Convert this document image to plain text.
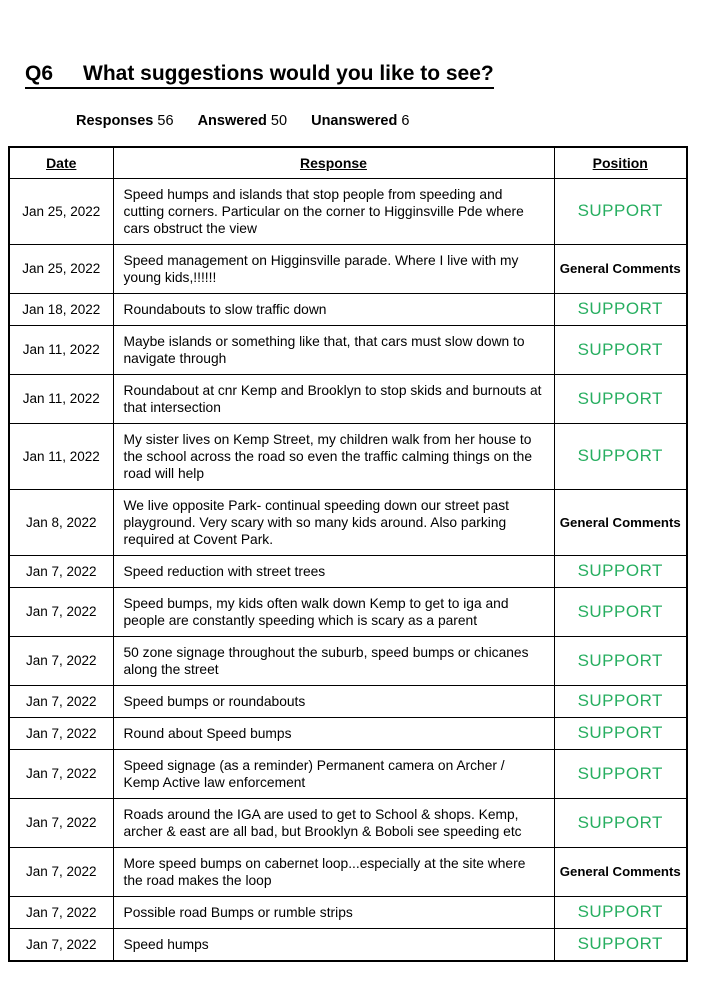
Q6 What suggestions would you like to see?
Responses 56 Answered 50 Unanswered 6
Date	Response	Position
Jan 25, 2022	Speed humps and islands that stop people from speeding and cutting corners. Particular on the corner to Higginsville Pde where cars obstruct the view	SUPPORT
Jan 25, 2022	Speed management on Higginsville parade. Where I live with my young kids,!!!!!!	General Comments
Jan 18, 2022	Roundabouts to slow traffic down	SUPPORT
Jan 11, 2022	Maybe islands or something like that, that cars must slow down to navigate through	SUPPORT
Jan 11, 2022	Roundabout at cnr Kemp and Brooklyn to stop skids and burnouts at that intersection	SUPPORT
Jan 11, 2022	My sister lives on Kemp Street, my children walk from her house to the school across the road so even the traffic calming things on the road will help	SUPPORT
Jan 8, 2022	We live opposite Park- continual speeding down our street past playground. Very scary with so many kids around. Also parking required at Covent Park.	General Comments
Jan 7, 2022	Speed reduction with street trees	SUPPORT
Jan 7, 2022	Speed bumps, my kids often walk down Kemp to get to iga and people are constantly speeding which is scary as a parent	SUPPORT
Jan 7, 2022	50 zone signage throughout the suburb, speed bumps or chicanes along the street	SUPPORT
Jan 7, 2022	Speed bumps or roundabouts	SUPPORT
Jan 7, 2022	Round about Speed bumps	SUPPORT
Jan 7, 2022	Speed signage (as a reminder) Permanent camera on Archer / Kemp Active law enforcement	SUPPORT
Jan 7, 2022	Roads around the IGA are used to get to School & shops. Kemp, archer & east are all bad, but Brooklyn & Boboli see speeding etc	SUPPORT
Jan 7, 2022	More speed bumps on cabernet loop...especially at the site where the road makes the loop	General Comments
Jan 7, 2022	Possible road Bumps or rumble strips	SUPPORT
Jan 7, 2022	Speed humps	SUPPORT
